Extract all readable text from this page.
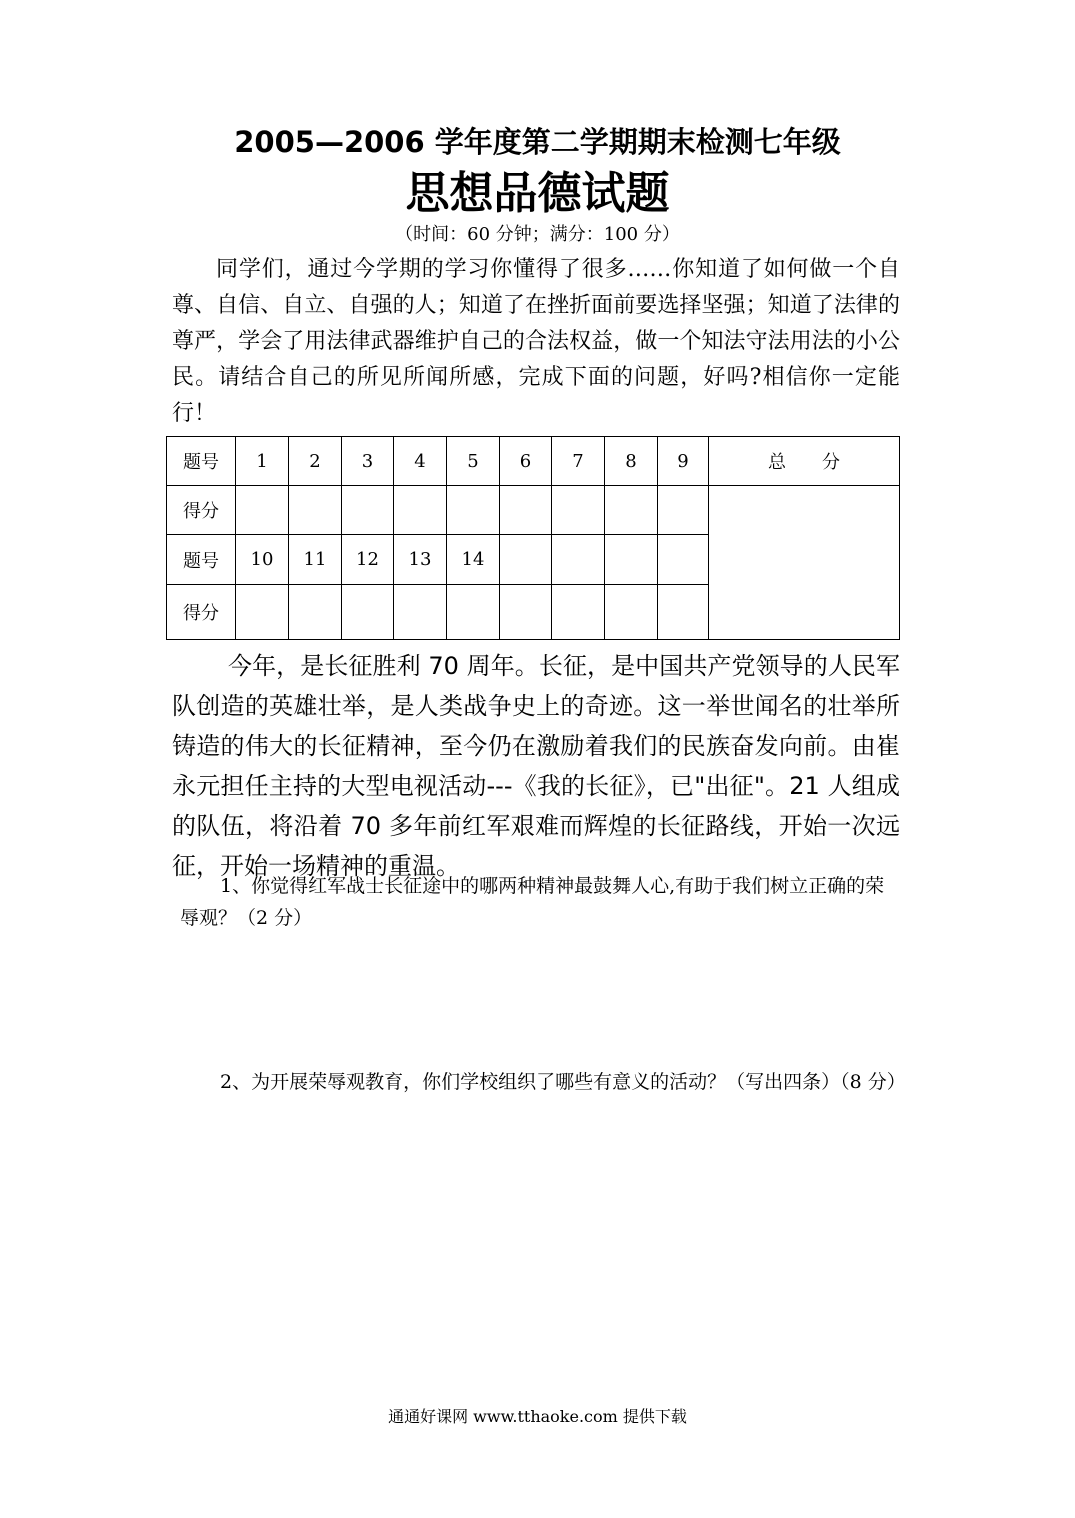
2005—2006 学年度第二学期期末检测七年级
思想品德试题
（时间：60 分钟；满分：100 分）

同学们，通过今学期的学习你懂得了很多……你知道了如何做一个自尊、自信、自立、自强的人；知道了在挫折面前要选择坚强；知道了法律的尊严，学会了用法律武器维护自己的合法权益，做一个知法守法用法的小公民。请结合自己的所见所闻所感，完成下面的问题，好吗?相信你一定能行！

题号	1	2	3	4	5	6	7	8	9	总　　分
得分										
题号	10	11	12	13	14					
得分										

今年，是长征胜利 70 周年。长征，是中国共产党领导的人民军队创造的英雄壮举，是人类战争史上的奇迹。这一举世闻名的壮举所铸造的伟大的长征精神，至今仍在激励着我们的民族奋发向前。由崔永元担任主持的大型电视活动---《我的长征》，已"出征"。21 人组成的队伍，将沿着 70 多年前红军艰难而辉煌的长征路线，开始一次远征，开始一场精神的重温。

1、你觉得红军战士长征途中的哪两种精神最鼓舞人心,有助于我们树立正确的荣辱观？（2 分）

2、为开展荣辱观教育，你们学校组织了哪些有意义的活动？（写出四条）（8 分）

通通好课网 www.tthaoke.com 提供下载
